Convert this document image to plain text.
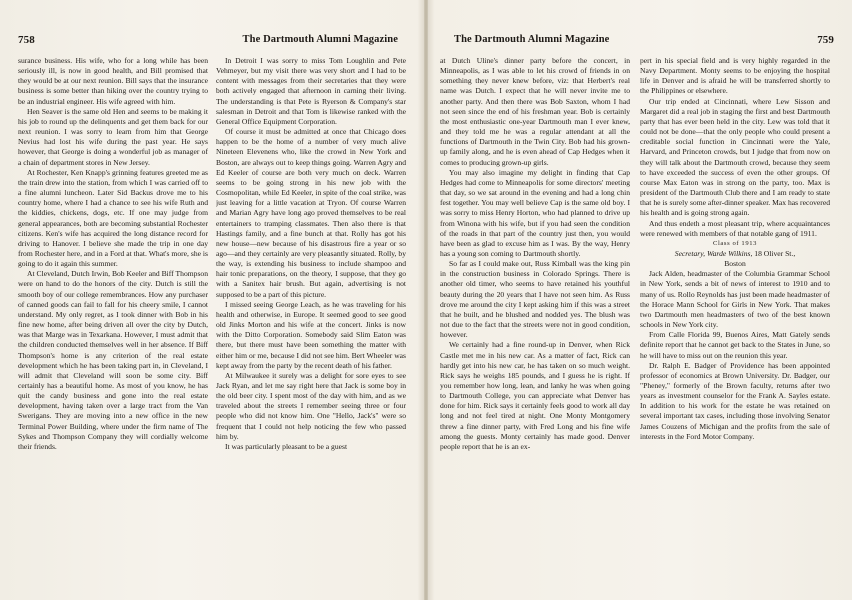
758	The Dartmouth Alumni Magazine

surance business. His wife, who for a long while has been seriously ill, is now in good health, and Bill promised that they would be at our next reunion. Bill says that the insurance business is some better than hiking over the country trying to be an industrial engineer. His wife agreed with him.

Hen Seaver is the same old Hen and seems to be making it his job to round up the delinquents and get them back for our next reunion. I was sorry to learn from him that George Nevius had lost his wife during the past year. He says however, that George is doing a wonderful job as manager of a chain of department stores in New Jersey.

At Rochester, Ken Knapp's grinning features greeted me as the train drew into the station, from which I was carried off to a fine alumni luncheon. Later Sid Backus drove me to his country home, where I had a chance to see his wife Ruth and the kiddies, chickens, dogs, etc. If one may judge from general appearances, both are becoming substantial Rochester citizens. Ken's wife has acquired the long distance record for driving to Hanover. I believe she made the trip in one day from Rochester here, and in a Ford at that. What's more, she is going to do it again this summer.

At Cleveland, Dutch Irwin, Bob Keeler and Biff Thompson were on hand to do the honors of the city. Dutch is still the smooth boy of our college remembrances. How any purchaser of canned goods can fail to fall for his cheery smile, I cannot understand. My only regret, as I took dinner with Bob in his fine new home, after being driven all over the city by Dutch, was that Marge was in Texarkana. However, I must admit that the children conducted themselves well in her absence. If Biff Thompson's home is any criterion of the real estate development which he has been taking part in, in Cleveland, I will admit that Cleveland will soon be some city. Biff certainly has a beautiful home. As most of you know, he has quit the candy business and gone into the real estate development, having taken over a large tract from the Van Swerigans. They are moving into a new office in the new Terminal Power Building, where under the firm name of The Sykes and Thompson Company they will cordially welcome their friends.

In Detroit I was sorry to miss Tom Loughlin and Pete Vehmeyer, but my visit there was very short and I had to be content with messages from their secretaries that they were both actively engaged that afternoon in carning their living. The understanding is that Pete is Ryerson & Company's star salesman in Detroit and that Tom is likewise ranked with the General Office Equipment Corporation.

Of course it must be admitted at once that Chicago does happen to be the home of a number of very much alive Nineteen Elevenens who, like the crowd in New York and Boston, are always out to keep things going. Warren Agry and Ed Keeler of course are both very much on deck. Warren seems to be going strong in his new job with the Cosmopolitan, while Ed Keeler, in spite of the coal strike, was just leaving for a little vacation at Tryon. Of course Warren and Marian Agry have long ago proved themselves to be real entertainers to tramping classmates. Then also there is that Hastings family, and a fine bunch at that. Rolly has got his new house—new because of his disastrous fire a year or so ago—and they certainly are very pleasantly situated. Rolly, by the way, is extending his business to include shampoo and hair tonic preparations, on the theory, I suppose, that they go with a Sanitex hair brush. But again, advertising is not supposed to be a part of this picture.

I missed seeing George Leach, as he was traveling for his health and otherwise, in Europe. It seemed good to see good old Jinks Morton and his wife at the concert. Jinks is now with the Ditto Corporation. Somebody said Slim Eaton was there, but there must have been something the matter with either him or me, because I did not see him. Bert Wheeler was kept away from the party by the recent death of his father.

At Milwaukee it surely was a delight for sore eyes to see Jack Ryan, and let me say right here that Jack is some boy in the old beer city. I spent most of the day with him, and as we traveled about the streets I remember seeing three or four people who did not know him. One "Hello, Jack's" were so frequent that I could not help noticing the few who passed him by.

It was particularly pleasant to be a guest

The Dartmouth Alumni Magazine	759

at Dutch Uline's dinner party before the concert, in Minneapolis, as I was able to let his crowd of friends in on something they never knew before, viz: that Herbert's real name was Dutch. I expect that he will never invite me to another party. And then there was Bob Saxton, whom I had not seen since the end of his freshman year. Bob is certainly the most enthusiastic one-year Dartmouth man I ever knew, and they told me he was a regular attendant at all the functions of Dartmouth in the Twin City. Bob had his grown-up family along, and he is even ahead of Cap Hedges when it comes to producing grown-up girls.

You may also imagine my delight in finding that Cap Hedges had come to Minneapolis for some directors' meeting that day, so we sat around in the evening and had a long chin fest together. You may well believe Cap is the same old boy. I was sorry to miss Henry Horton, who had planned to drive up from Winona with his wife, but if you had seen the condition of the roads in that part of the country just then, you would have been as glad to excuse him as I was. By the way, Henry has a young son coming to Dartmouth shortly.

So far as I could make out, Russ Kimball was the king pin in the construction business in Colorado Springs. There is another old timer, who seems to have retained his youthful beauty during the 20 years that I have not seen him. As Russ drove me around the city I kept asking him if this was a street that he built, and he blushed and nodded yes. The blush was not due to the fact that the streets were not in good condition, however.

We certainly had a fine round-up in Denver, when Rick Castle met me in his new car. As a matter of fact, Rick can hardly get into his new car, he has taken on so much weight. Rick says he weighs 185 pounds, and I guess he is right. If you remember how long, lean, and lanky he was when going to Dartmouth College, you can appreciate what Denver has done for him. Rick says it certainly feels good to work all day long and not feel tired at night. One Monty Montgomery threw a fine dinner party, with Fred Long and his fine wife among the guests. Monty certainly has made good. Denver people report that he is an ex-

pert in his special field and is very highly regarded in the Navy Department. Monty seems to be enjoying the hospital life in Denver and is afraid he will be transferred shortly to the Philippines or elsewhere.

Our trip ended at Cincinnati, where Lew Sisson and Margaret did a real job in staging the first and best Dartmouth party that has ever been held in the city. Lew was told that it could not be done—that the only people who could present a creditable social function in Cincinnati were the Yale, Harvard, and Princeton crowds, but I judge that from now on they will talk about the Dartmouth crowd, because they seem to have exceeded the success of even the other groups. Of course Max Eaton was in strong on the party, too. Max is president of the Dartmouth Club there and I am ready to state that he is surely some after-dinner speaker. Max has recovered his health and is going strong again.

And thus endeth a most pleasant trip, where acquaintances were renewed with members of that notable gang of 1911.

Class of 1913

Secretary, Warde Wilkins, 18 Oliver St.,
Boston

Jack Alden, headmaster of the Columbia Grammar School in New York, sends a bit of news of interest to 1910 and to many of us. Rollo Reynolds has just been made headmaster of the Horace Mann School for Girls in New York. That makes two Dartmouth men headmasters of two of the best known schools in New York city.

From Calle Florida 99, Buenos Aires, Matt Gately sends definite report that he cannot get back to the States in June, so he will have to miss out on the reunion this year.

Dr. Ralph E. Badger of Providence has been appointed professor of economics at Brown University. Dr. Badger, our "Pheney," formerly of the Brown faculty, returns after two years as investment counselor for the Frank A. Sayles estate. In addition to his work for the estate he was retained on several important tax cases, including those involving Senator James Couzens of Michigan and the profits from the sale of interests in the Ford Motor Company.
